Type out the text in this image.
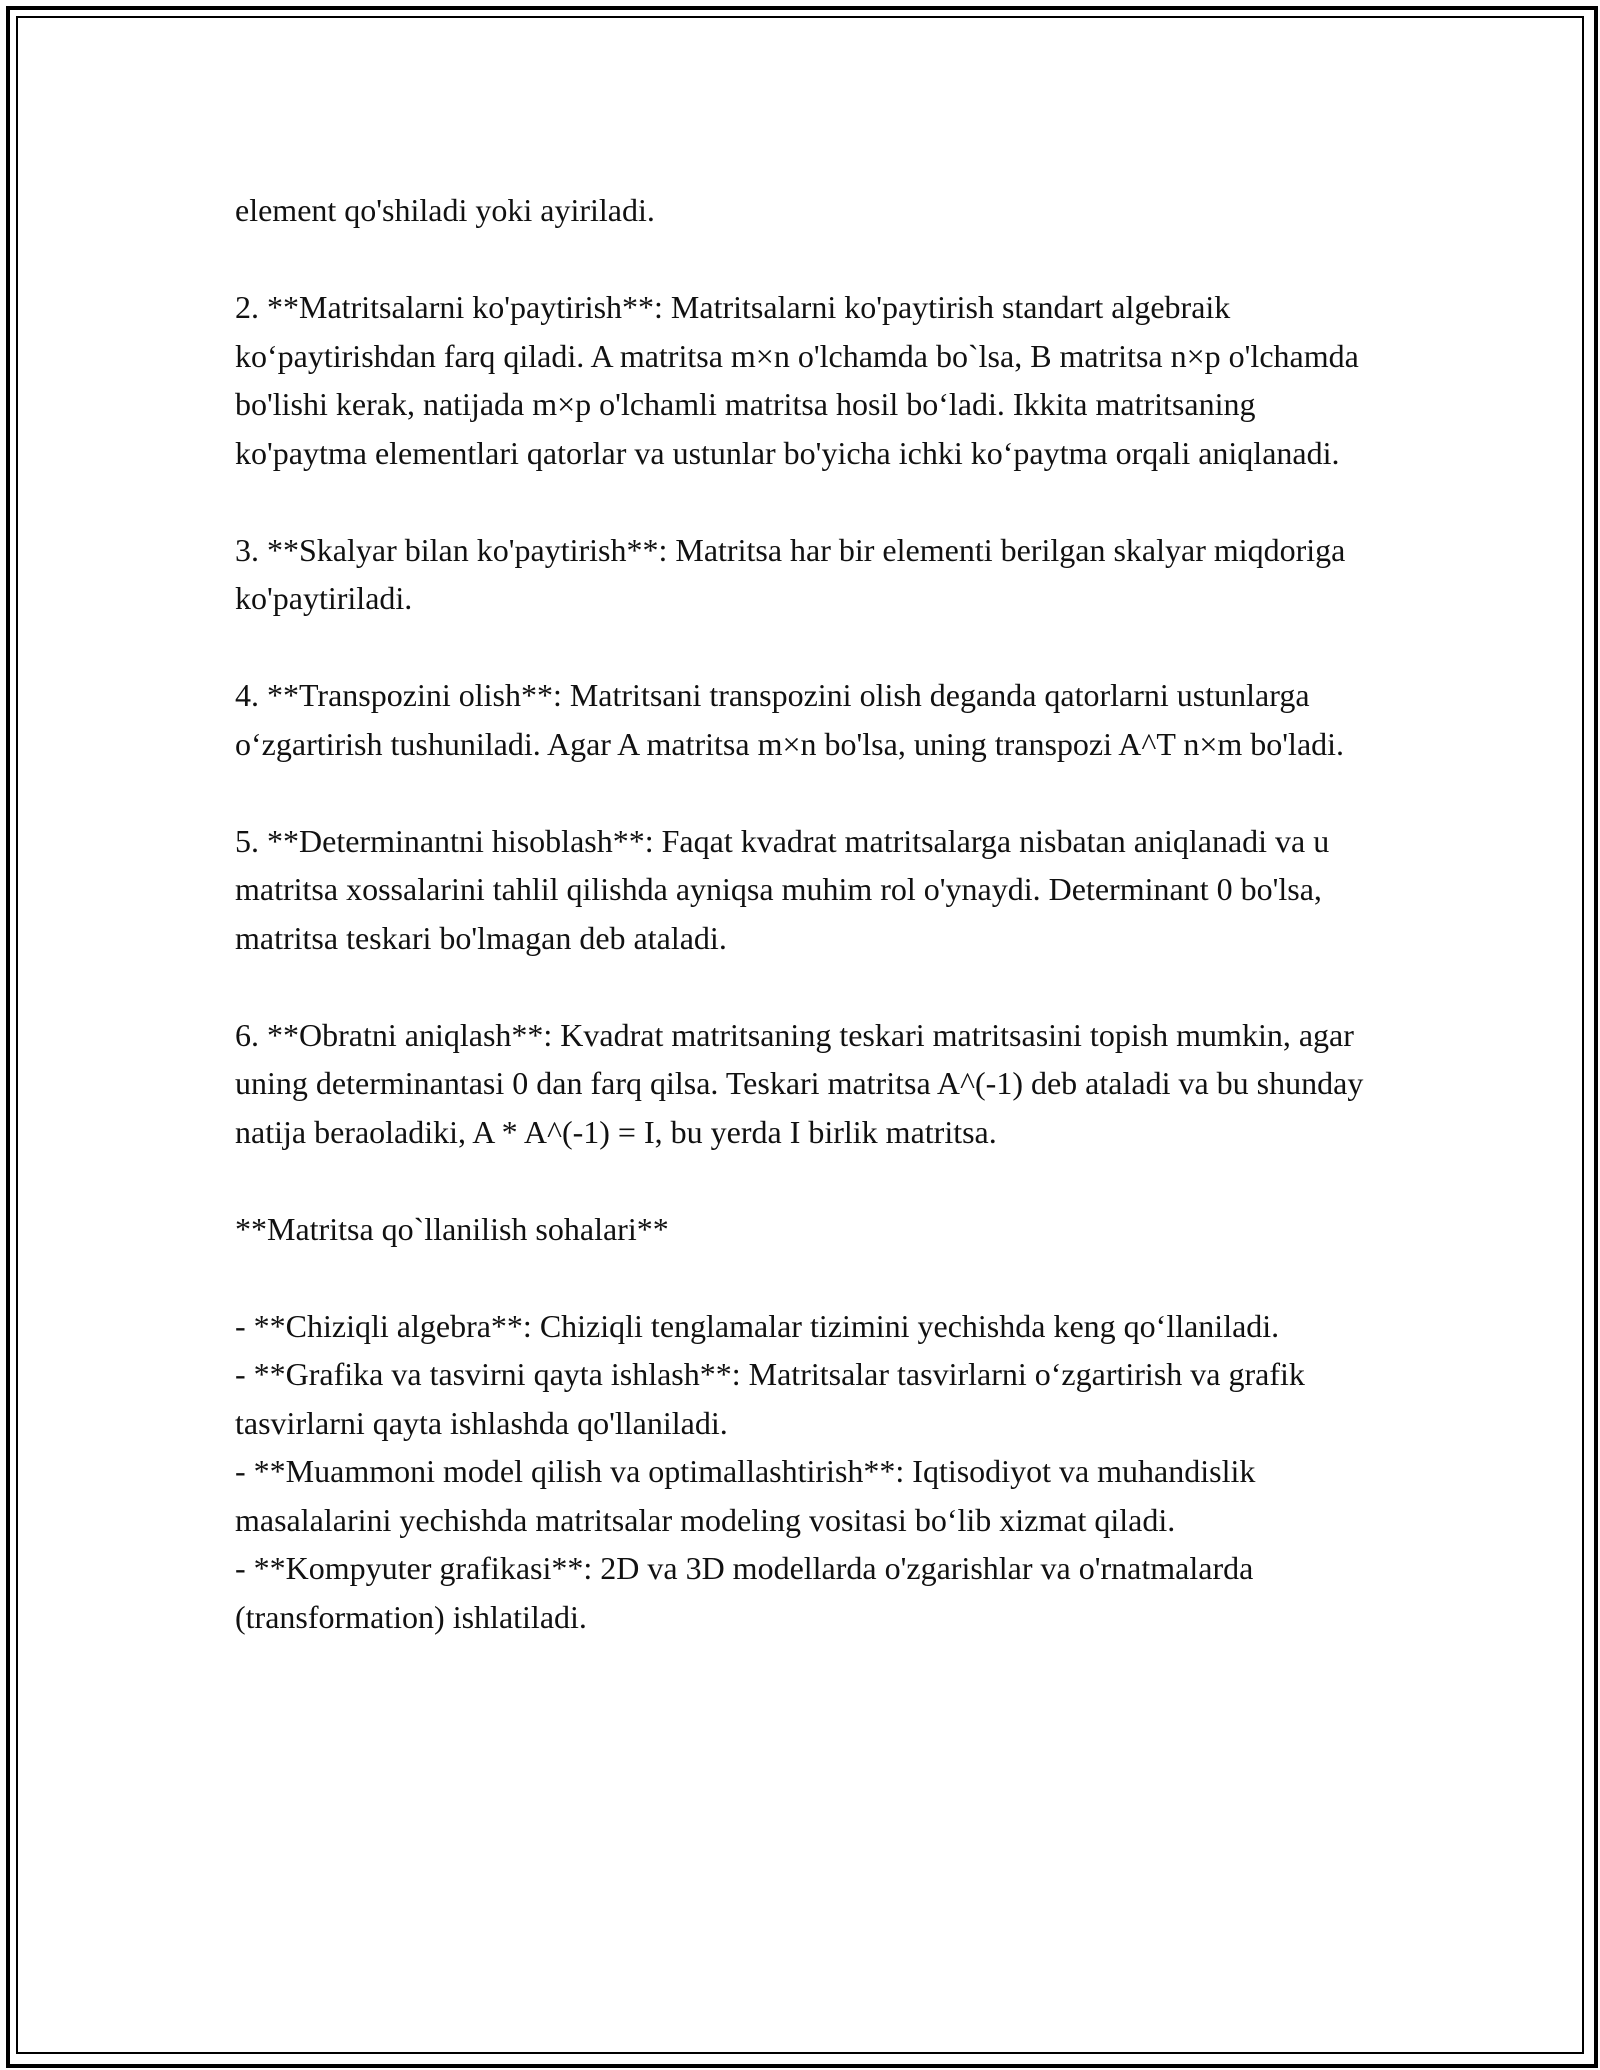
element qo'shiladi yoki ayiriladi.

2. **Matritsalarni ko'paytirish**: Matritsalarni ko'paytirish standart algebraik ko‘paytirishdan farq qiladi. A matritsa m×n o'lchamda bo`lsa, B matritsa n×p o'lchamda bo'lishi kerak, natijada m×p o'lchamli matritsa hosil bo‘ladi. Ikkita matritsaning ko'paytma elementlari qatorlar va ustunlar bo'yicha ichki ko‘paytma orqali aniqlanadi.

3. **Skalyar bilan ko'paytirish**: Matritsa har bir elementi berilgan skalyar miqdoriga ko'paytiriladi.

4. **Transpozini olish**: Matritsani transpozini olish deganda qatorlarni ustunlarga o‘zgartirish tushuniladi. Agar A matritsa m×n bo'lsa, uning transpozi A^T n×m bo'ladi.

5. **Determinantni hisoblash**: Faqat kvadrat matritsalarga nisbatan aniqlanadi va u matritsa xossalarini tahlil qilishda ayniqsa muhim rol o'ynaydi. Determinant 0 bo'lsa, matritsa teskari bo'lmagan deb ataladi.

6. **Obratni aniqlash**: Kvadrat matritsaning teskari matritsasini topish mumkin, agar uning determinantasi 0 dan farq qilsa. Teskari matritsa A^(-1) deb ataladi va bu shunday natija beraoladiki, A * A^(-1) = I, bu yerda I birlik matritsa.

**Matritsa qo`llanilish sohalari**

- **Chiziqli algebra**: Chiziqli tenglamalar tizimini yechishda keng qo‘llaniladi.
- **Grafika va tasvirni qayta ishlash**: Matritsalar tasvirlarni o‘zgartirish va grafik tasvirlarni qayta ishlashda qo'llaniladi.
- **Muammoni model qilish va optimallashtirish**: Iqtisodiyot va muhandislik masalalarini yechishda matritsalar modeling vositasi bo‘lib xizmat qiladi.
- **Kompyuter grafikasi**: 2D va 3D modellarda o'zgarishlar va o'rnatmalarda (transformation) ishlatiladi.
